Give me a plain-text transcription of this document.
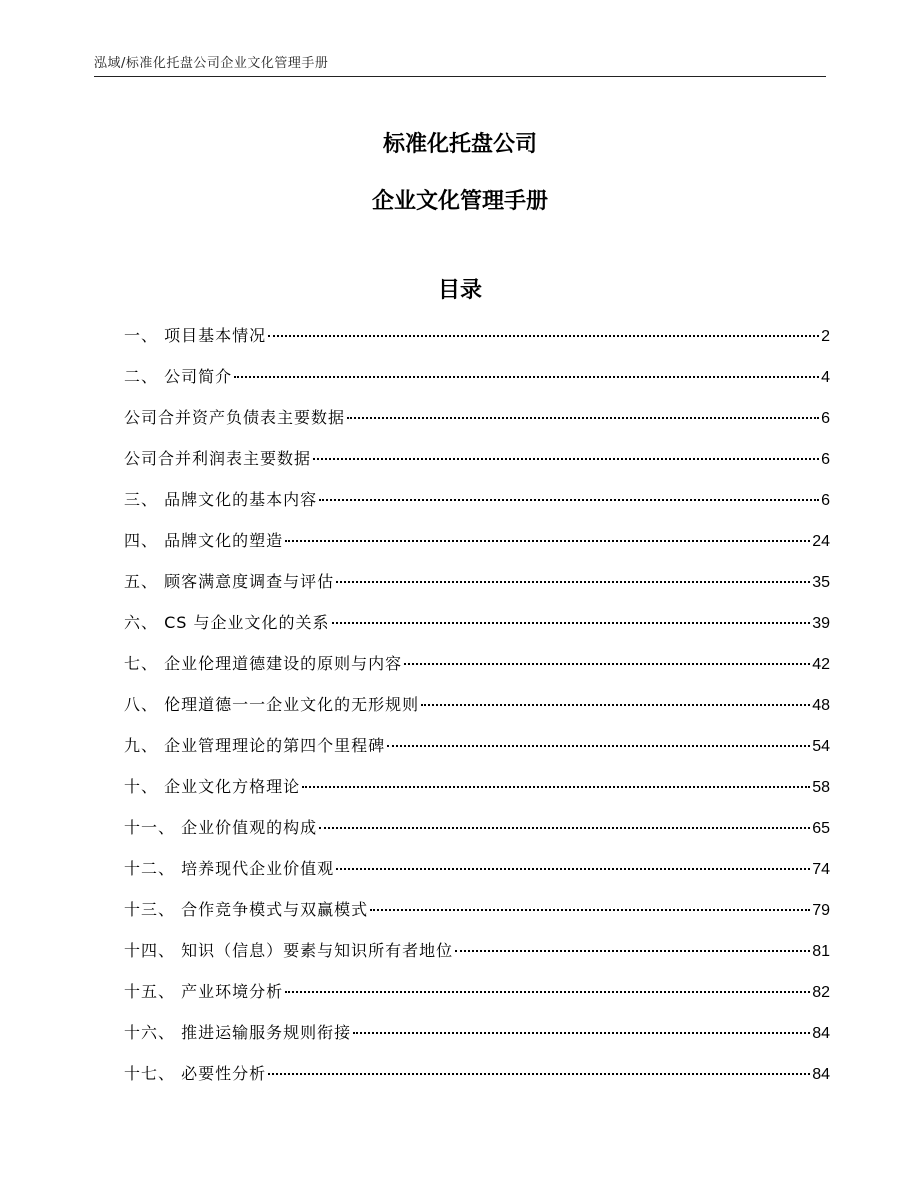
泓域/标准化托盘公司企业文化管理手册
标准化托盘公司
企业文化管理手册
目录
一、 项目基本情况	2
二、 公司简介	4
公司合并资产负债表主要数据	6
公司合并利润表主要数据	6
三、 品牌文化的基本内容	6
四、 品牌文化的塑造	24
五、 顾客满意度调查与评估	35
六、 CS 与企业文化的关系	39
七、 企业伦理道德建设的原则与内容	42
八、 伦理道德一一企业文化的无形规则	48
九、 企业管理理论的第四个里程碑	54
十、 企业文化方格理论	58
十一、 企业价值观的构成	65
十二、 培养现代企业价值观	74
十三、 合作竞争模式与双赢模式	79
十四、 知识（信息）要素与知识所有者地位	81
十五、 产业环境分析	82
十六、 推进运输服务规则衔接	84
十七、 必要性分析	84
